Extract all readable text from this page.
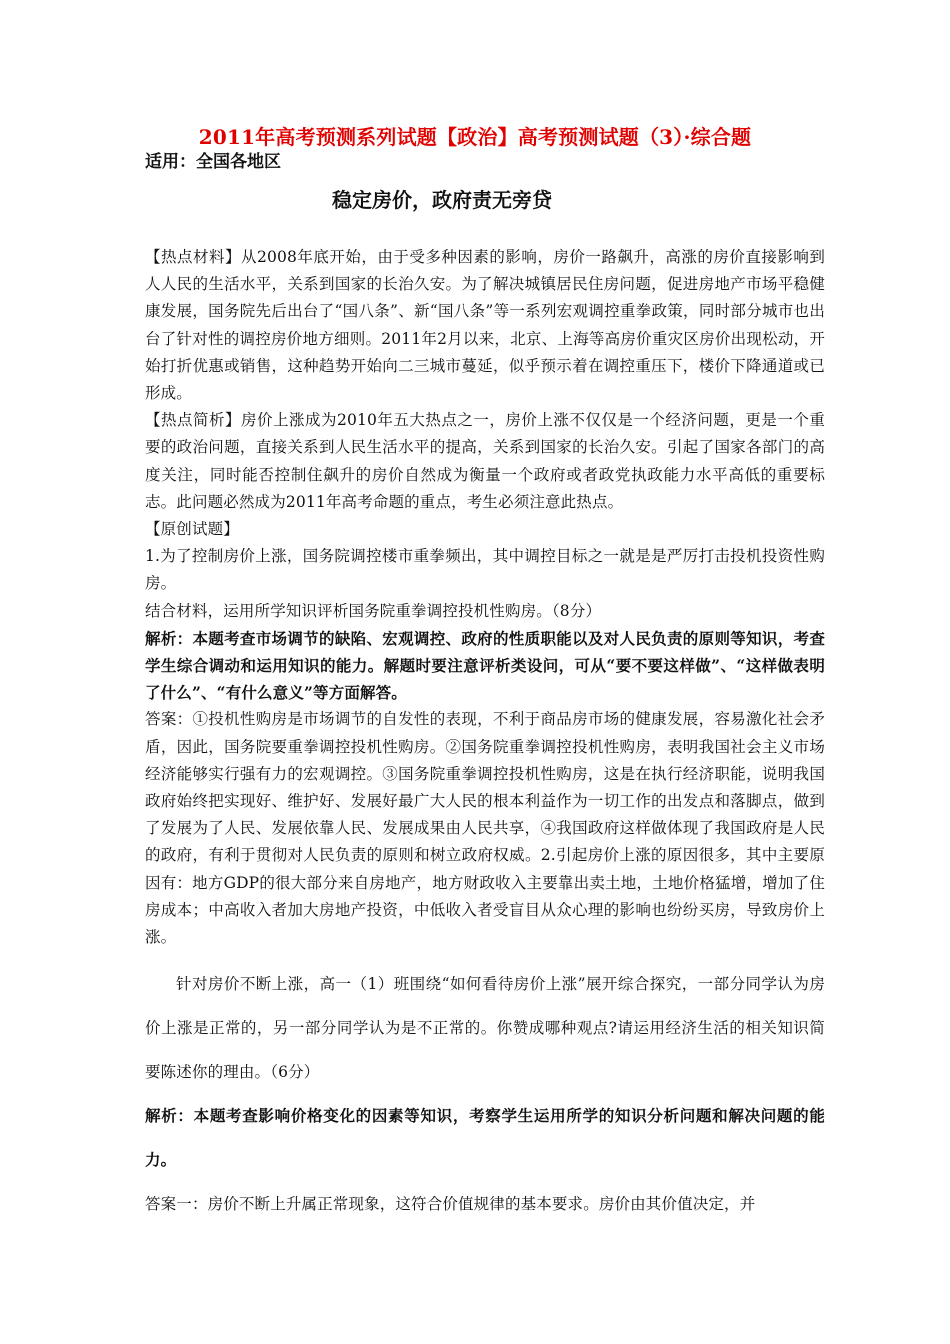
2011年高考预测系列试题【政治】高考预测试题（3）·综合题
适用：全国各地区
稳定房价，政府责无旁贷

【热点材料】从2008年底开始，由于受多种因素的影响，房价一路飙升，高涨的房价直接影响到人人民的生活水平，关系到国家的长治久安。为了解决城镇居民住房问题，促进房地产市场平稳健康发展，国务院先后出台了“国八条”、新“国八条”等一系列宏观调控重拳政策，同时部分城市也出台了针对性的调控房价地方细则。2011年2月以来，北京、上海等高房价重灾区房价出现松动，开始打折优惠或销售，这种趋势开始向二三城市蔓延，似乎预示着在调控重压下，楼价下降通道或已形成。

【热点简析】房价上涨成为2010年五大热点之一，房价上涨不仅仅是一个经济问题，更是一个重要的政治问题，直接关系到人民生活水平的提高，关系到国家的长治久安。引起了国家各部门的高度关注，同时能否控制住飙升的房价自然成为衡量一个政府或者政党执政能力水平高低的重要标志。此问题必然成为2011年高考命题的重点，考生必须注意此热点。

【原创试题】

1.为了控制房价上涨，国务院调控楼市重拳频出，其中调控目标之一就是是严厉打击投机投资性购房。

结合材料，运用所学知识评析国务院重拳调控投机性购房。（8分）

解析：本题考查市场调节的缺陷、宏观调控、政府的性质职能以及对人民负责的原则等知识，考查学生综合调动和运用知识的能力。解题时要注意评析类设问，可从“要不要这样做”、“这样做表明了什么”、“有什么意义”等方面解答。

答案：①投机性购房是市场调节的自发性的表现，不利于商品房市场的健康发展，容易激化社会矛盾，因此，国务院要重拳调控投机性购房。②国务院重拳调控投机性购房，表明我国社会主义市场经济能够实行强有力的宏观调控。③国务院重拳调控投机性购房，这是在执行经济职能，说明我国政府始终把实现好、维护好、发展好最广大人民的根本利益作为一切工作的出发点和落脚点，做到了发展为了人民、发展依靠人民、发展成果由人民共享，④我国政府这样做体现了我国政府是人民的政府，有利于贯彻对人民负责的原则和树立政府权威。2.引起房价上涨的原因很多，其中主要原因有：地方GDP的很大部分来自房地产，地方财政收入主要靠出卖土地，土地价格猛增，增加了住房成本；中高收入者加大房地产投资，中低收入者受盲目从众心理的影响也纷纷买房，导致房价上涨。

针对房价不断上涨，高一（1）班围绕“如何看待房价上涨”展开综合探究，一部分同学认为房价上涨是正常的，另一部分同学认为是不正常的。你赞成哪种观点?请运用经济生活的相关知识简要陈述你的理由。（6分）

解析：本题考查影响价格变化的因素等知识，考察学生运用所学的知识分析问题和解决问题的能力。

答案一：房价不断上升属正常现象，这符合价值规律的基本要求。房价由其价值决定，并
